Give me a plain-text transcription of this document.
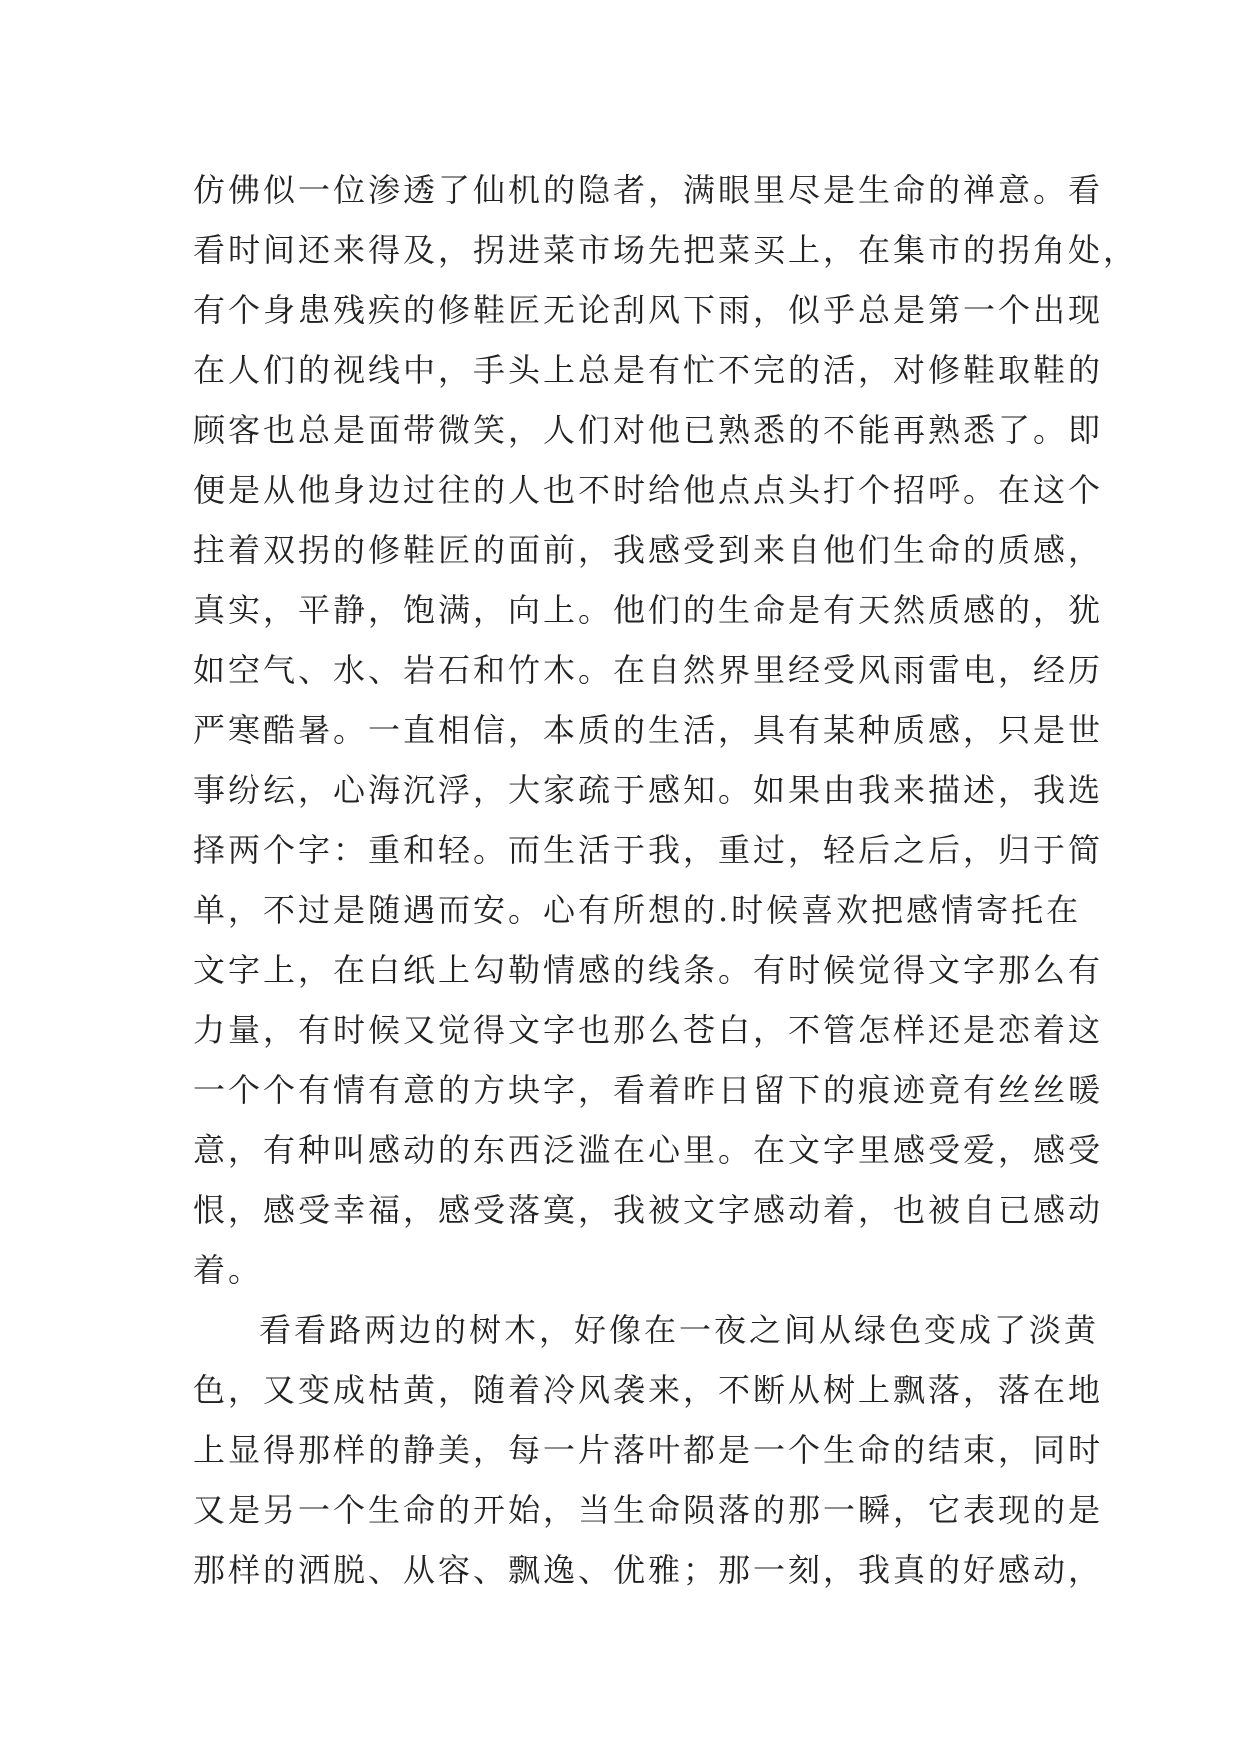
仿佛似一位渗透了仙机的隐者，满眼里尽是生命的禅意。看
看时间还来得及，拐进菜市场先把菜买上，在集市的拐角处，
有个身患残疾的修鞋匠无论刮风下雨，似乎总是第一个出现
在人们的视线中，手头上总是有忙不完的活，对修鞋取鞋的
顾客也总是面带微笑，人们对他已熟悉的不能再熟悉了。即
便是从他身边过往的人也不时给他点点头打个招呼。在这个
拄着双拐的修鞋匠的面前，我感受到来自他们生命的质感，
真实，平静，饱满，向上。他们的生命是有天然质感的，犹
如空气、水、岩石和竹木。在自然界里经受风雨雷电，经历
严寒酷暑。一直相信，本质的生活，具有某种质感，只是世
事纷纭，心海沉浮，大家疏于感知。如果由我来描述，我选
择两个字：重和轻。而生活于我，重过，轻后之后，归于简
单，不过是随遇而安。心有所想的.时候喜欢把感情寄托在
文字上，在白纸上勾勒情感的线条。有时候觉得文字那么有
力量，有时候又觉得文字也那么苍白，不管怎样还是恋着这
一个个有情有意的方块字，看着昨日留下的痕迹竟有丝丝暖
意，有种叫感动的东西泛滥在心里。在文字里感受爱，感受
恨，感受幸福，感受落寞，我被文字感动着，也被自已感动
着。
看看路两边的树木，好像在一夜之间从绿色变成了淡黄
色，又变成枯黄，随着冷风袭来，不断从树上飘落，落在地
上显得那样的静美，每一片落叶都是一个生命的结束，同时
又是另一个生命的开始，当生命陨落的那一瞬，它表现的是
那样的洒脱、从容、飘逸、优雅；那一刻，我真的好感动，
